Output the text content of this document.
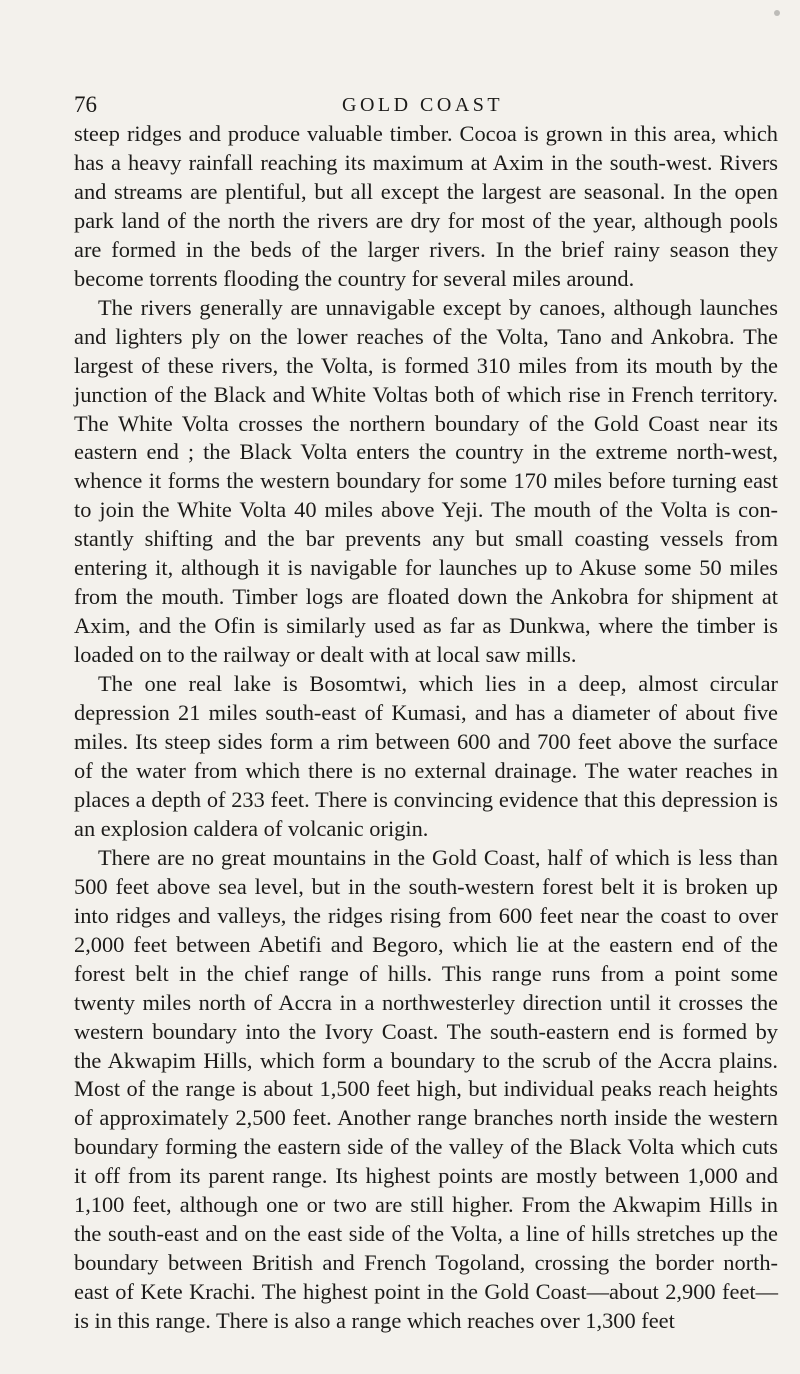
76	GOLD COAST

steep ridges and produce valuable timber. Cocoa is grown in this area, which has a heavy rainfall reaching its maximum at Axim in the south-west. Rivers and streams are plentiful, but all except the largest are seasonal. In the open park land of the north the rivers are dry for most of the year, although pools are formed in the beds of the larger rivers. In the brief rainy season they become torrents flooding the country for several miles around.

The rivers generally are unnavigable except by canoes, although launches and lighters ply on the lower reaches of the Volta, Tano and Ankobra. The largest of these rivers, the Volta, is formed 310 miles from its mouth by the junction of the Black and White Voltas both of which rise in French territory. The White Volta crosses the northern boundary of the Gold Coast near its eastern end ; the Black Volta enters the country in the extreme north-west, whence it forms the western boundary for some 170 miles before turning east to join the White Volta 40 miles above Yeji. The mouth of the Volta is constantly shifting and the bar prevents any but small coasting vessels from entering it, although it is navigable for launches up to Akuse some 50 miles from the mouth. Timber logs are floated down the Ankobra for shipment at Axim, and the Ofin is similarly used as far as Dunkwa, where the timber is loaded on to the railway or dealt with at local saw mills.

The one real lake is Bosomtwi, which lies in a deep, almost circular depression 21 miles south-east of Kumasi, and has a diameter of about five miles. Its steep sides form a rim between 600 and 700 feet above the surface of the water from which there is no external drainage. The water reaches in places a depth of 233 feet. There is convincing evidence that this depression is an explosion caldera of volcanic origin.

There are no great mountains in the Gold Coast, half of which is less than 500 feet above sea level, but in the south-western forest belt it is broken up into ridges and valleys, the ridges rising from 600 feet near the coast to over 2,000 feet between Abetifi and Begoro, which lie at the eastern end of the forest belt in the chief range of hills. This range runs from a point some twenty miles north of Accra in a northwesterley direction until it crosses the western boundary into the Ivory Coast. The south-eastern end is formed by the Akwapim Hills, which form a boundary to the scrub of the Accra plains. Most of the range is about 1,500 feet high, but individual peaks reach heights of approximately 2,500 feet. Another range branches north inside the western boundary forming the eastern side of the valley of the Black Volta which cuts it off from its parent range. Its highest points are mostly between 1,000 and 1,100 feet, although one or two are still higher. From the Akwapim Hills in the south-east and on the east side of the Volta, a line of hills stretches up the boundary between British and French Togoland, crossing the border north-east of Kete Krachi. The highest point in the Gold Coast—about 2,900 feet—is in this range. There is also a range which reaches over 1,300 feet
